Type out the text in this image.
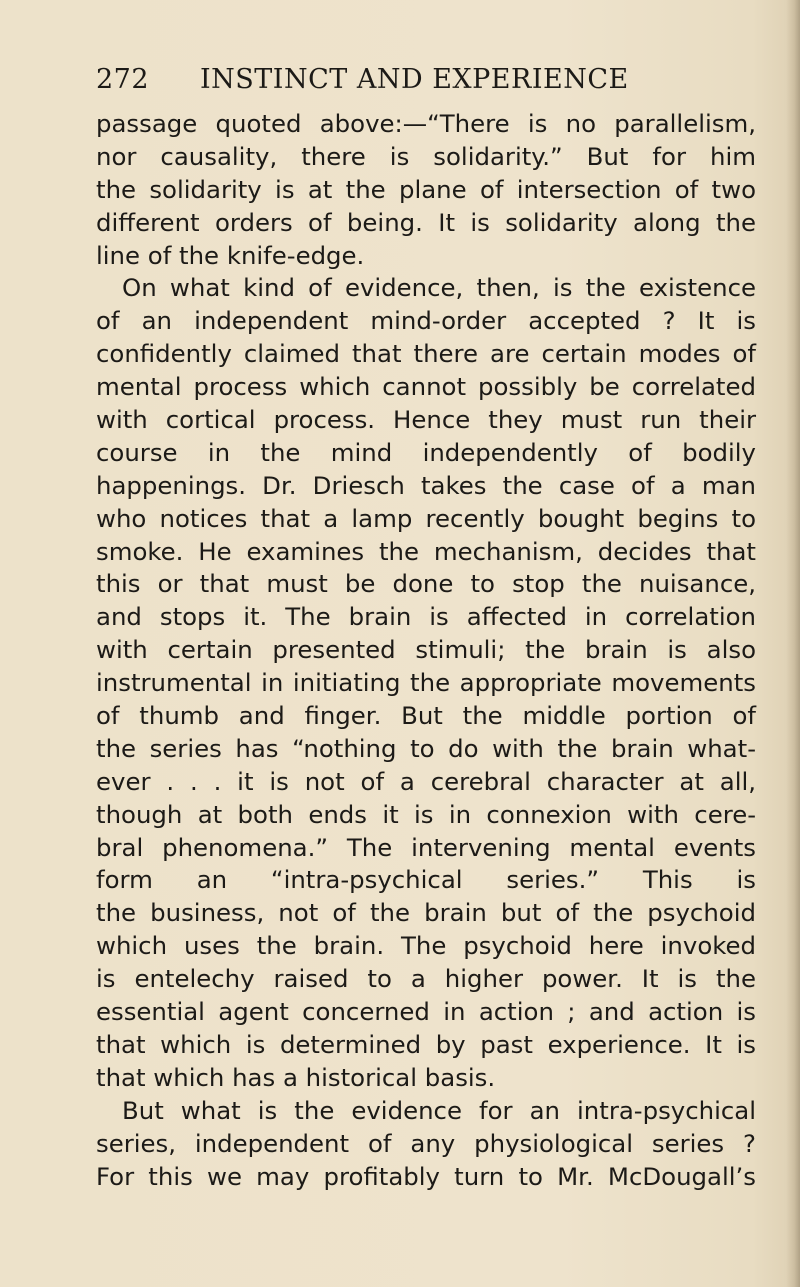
272 INSTINCT AND EXPERIENCE
passage quoted above:—“There is no parallelism,
nor causality, there is solidarity.” But for him
the solidarity is at the plane of intersection of two
different orders of being. It is solidarity along the
line of the knife-edge.
On what kind of evidence, then, is the existence
of an independent mind-order accepted ? It is
confidently claimed that there are certain modes of
mental process which cannot possibly be correlated
with cortical process. Hence they must run their
course in the mind independently of bodily
happenings. Dr. Driesch takes the case of a man
who notices that a lamp recently bought begins to
smoke. He examines the mechanism, decides that
this or that must be done to stop the nuisance,
and stops it. The brain is affected in correlation
with certain presented stimuli; the brain is also
instrumental in initiating the appropriate movements
of thumb and finger. But the middle portion of
the series has “nothing to do with the brain what-
ever . . . it is not of a cerebral character at all,
though at both ends it is in connexion with cere-
bral phenomena.” The intervening mental events
form an “intra-psychical series.” This is
the business, not of the brain but of the psychoid
which uses the brain. The psychoid here invoked
is entelechy raised to a higher power. It is the
essential agent concerned in action ; and action is
that which is determined by past experience. It is
that which has a historical basis.
But what is the evidence for an intra-psychical
series, independent of any physiological series ?
For this we may profitably turn to Mr. McDougall’s
